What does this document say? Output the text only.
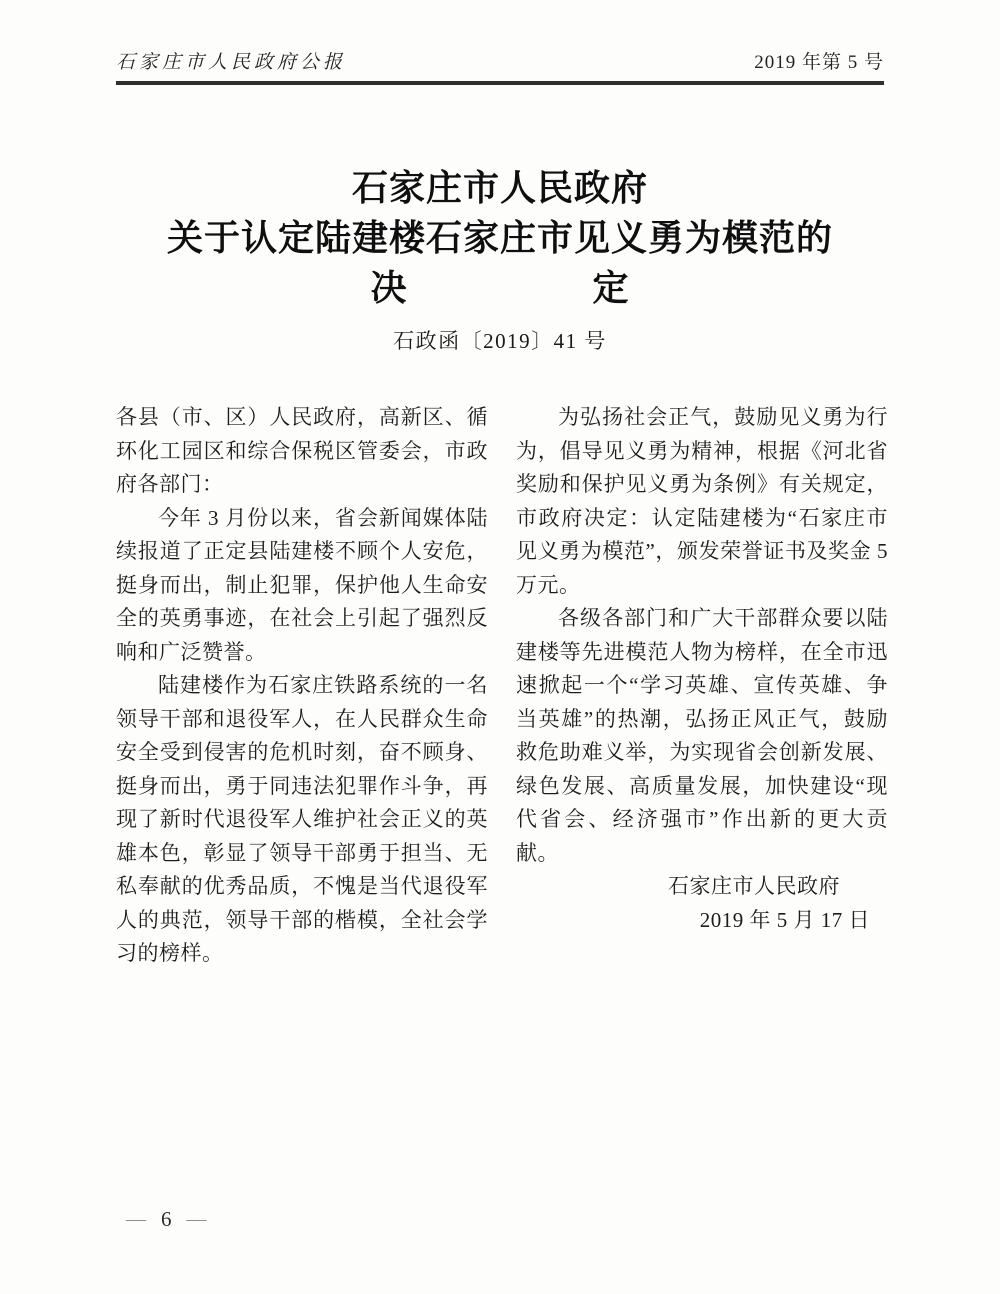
石家庄市人民政府公报	2019 年第 5 号
石家庄市人民政府
关于认定陆建楼石家庄市见义勇为模范的
决　　　　　定
石政函〔2019〕41 号

各县（市、区）人民政府，高新区、循环化工园区和综合保税区管委会，市政府各部门：

今年 3 月份以来，省会新闻媒体陆续报道了正定县陆建楼不顾个人安危，挺身而出，制止犯罪，保护他人生命安全的英勇事迹，在社会上引起了强烈反响和广泛赞誉。

陆建楼作为石家庄铁路系统的一名领导干部和退役军人，在人民群众生命安全受到侵害的危机时刻，奋不顾身、挺身而出，勇于同违法犯罪作斗争，再现了新时代退役军人维护社会正义的英雄本色，彰显了领导干部勇于担当、无私奉献的优秀品质，不愧是当代退役军人的典范，领导干部的楷模，全社会学习的榜样。

为弘扬社会正气，鼓励见义勇为行为，倡导见义勇为精神，根据《河北省奖励和保护见义勇为条例》有关规定，市政府决定：认定陆建楼为“石家庄市见义勇为模范”，颁发荣誉证书及奖金 5 万元。

各级各部门和广大干部群众要以陆建楼等先进模范人物为榜样，在全市迅速掀起一个“学习英雄、宣传英雄、争当英雄”的热潮，弘扬正风正气，鼓励救危助难义举，为实现省会创新发展、绿色发展、高质量发展，加快建设“现代省会、经济强市”作出新的更大贡献。

石家庄市人民政府

2019 年 5 月 17 日

— 6 —
